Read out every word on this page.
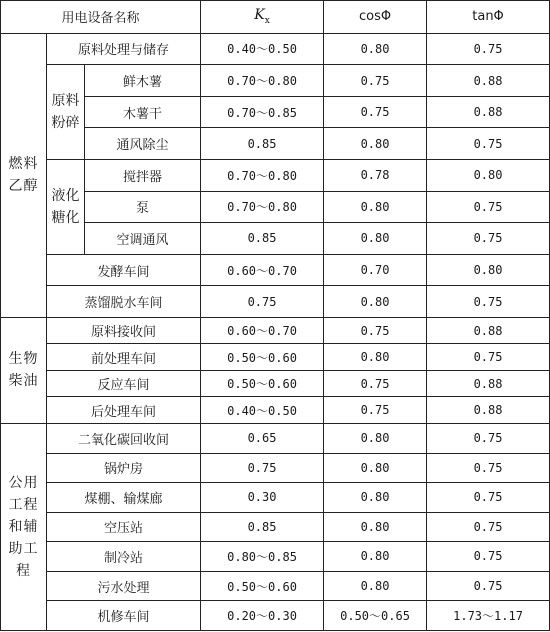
用电设备名称			$K_x$	cosΦ	tanΦ
燃料乙醇	原料处理与储存		0.40～0.50	0.80	0.75
	原料粉碎	鲜木薯	0.70～0.80	0.75	0.88
		木薯干	0.70～0.85	0.75	0.88
		通风除尘	0.85	0.80	0.75
	液化糖化	搅拌器	0.70～0.80	0.78	0.80
		泵	0.70～0.80	0.80	0.75
		空调通风	0.85	0.80	0.75
	发酵车间		0.60～0.70	0.70	0.80
	蒸馏脱水车间		0.75	0.80	0.75
生物柴油	原料接收间		0.60～0.70	0.75	0.88
	前处理车间		0.50～0.60	0.80	0.75
	反应车间		0.50～0.60	0.75	0.88
	后处理车间		0.40～0.50	0.75	0.88
公用工程和辅助工程	二氧化碳回收间		0.65	0.80	0.75
	锅炉房		0.75	0.80	0.75
	煤棚、输煤廊		0.30	0.80	0.75
	空压站		0.85	0.80	0.75
	制冷站		0.80～0.85	0.80	0.75
	污水处理		0.50～0.60	0.80	0.75
	机修车间		0.20～0.30	0.50～0.65	1.73～1.17
